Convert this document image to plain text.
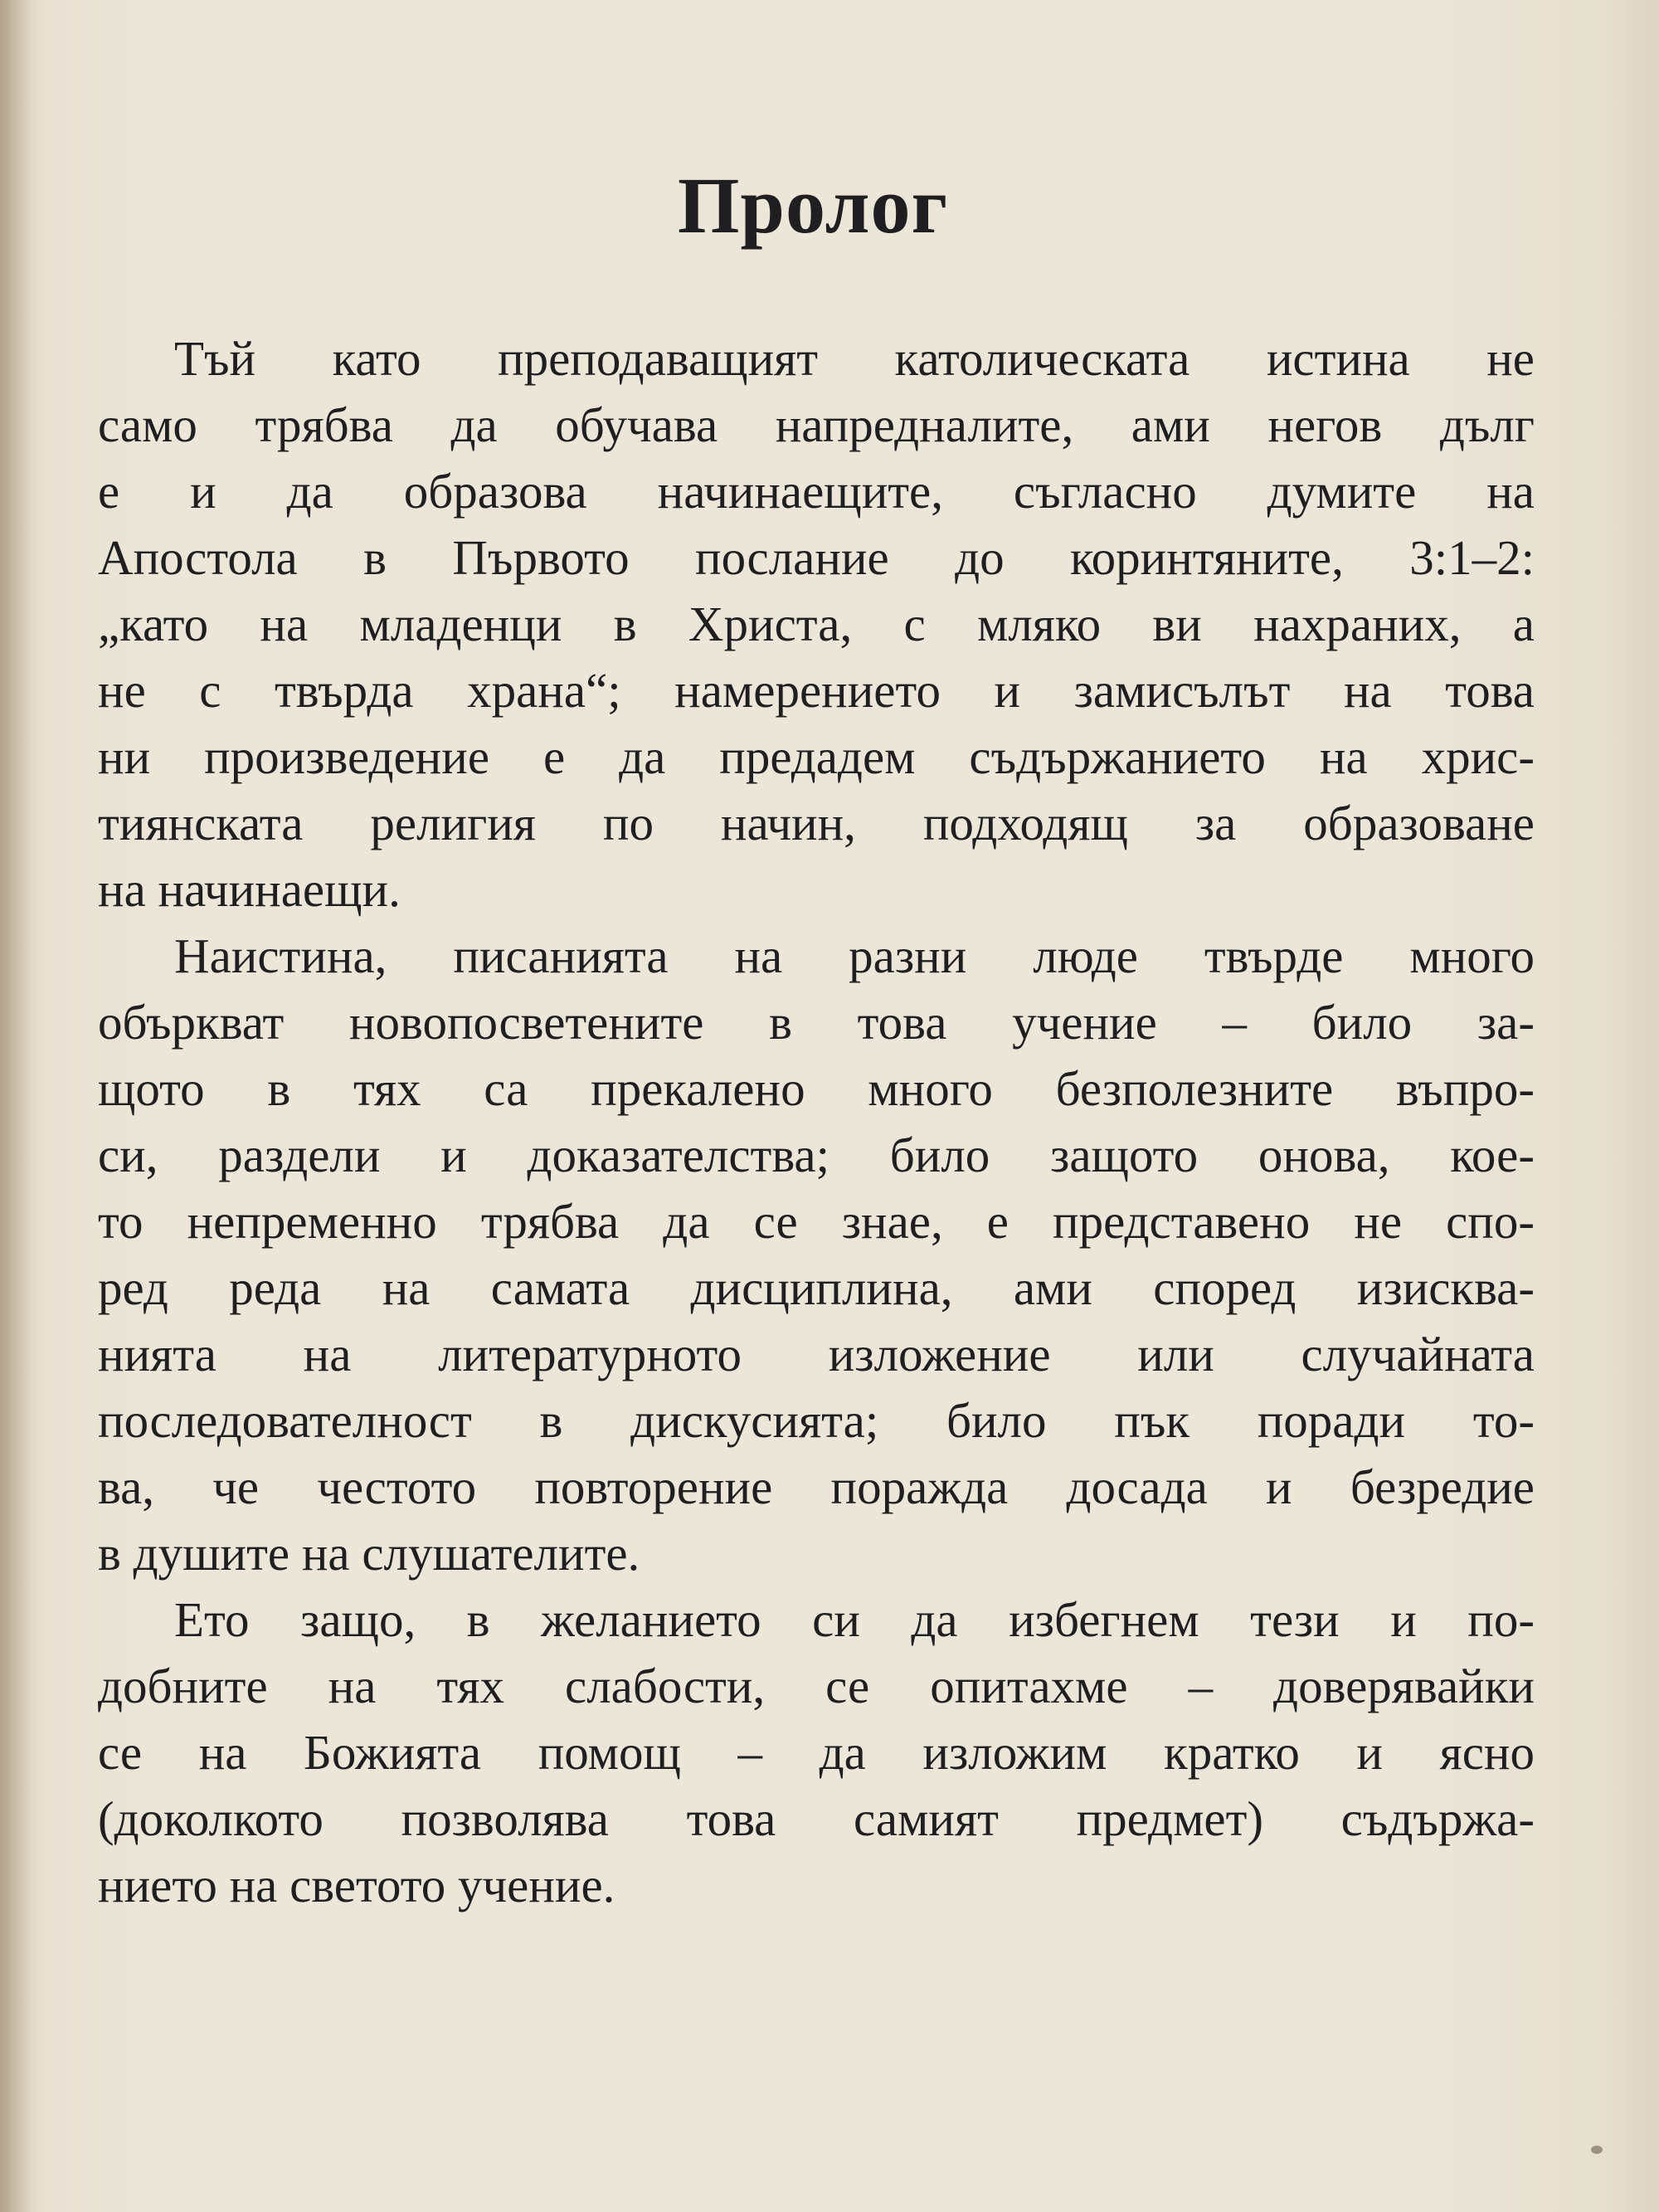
Пролог

Тъй като преподаващият католическата истина не
само трябва да обучава напредналите, ами негов дълг
е и да образова начинаещите, съгласно думите на
Апостола в Първото послание до коринтяните, 3:1–2:
„като на младенци в Христа, с мляко ви нахраних, а
не с твърда храна“; намерението и замисълът на това
ни произведение е да предадем съдържанието на хрис-
тиянската религия по начин, подходящ за образоване
на начинаещи.

Наистина, писанията на разни люде твърде много
объркват новопосветените в това учение – било за-
щото в тях са прекалено много безполезните въпро-
си, раздели и доказателства; било защото онова, кое-
то непременно трябва да се знае, е представено не спо-
ред реда на самата дисциплина, ами според изисква-
нията на литературното изложение или случайната
последователност в дискусията; било пък поради то-
ва, че честото повторение поражда досада и безредие
в душите на слушателите.

Ето защо, в желанието си да избегнем тези и по-
добните на тях слабости, се опитахме – доверявайки
се на Божията помощ – да изложим кратко и ясно
(доколкото позволява това самият предмет) съдържа-
нието на светото учение.
